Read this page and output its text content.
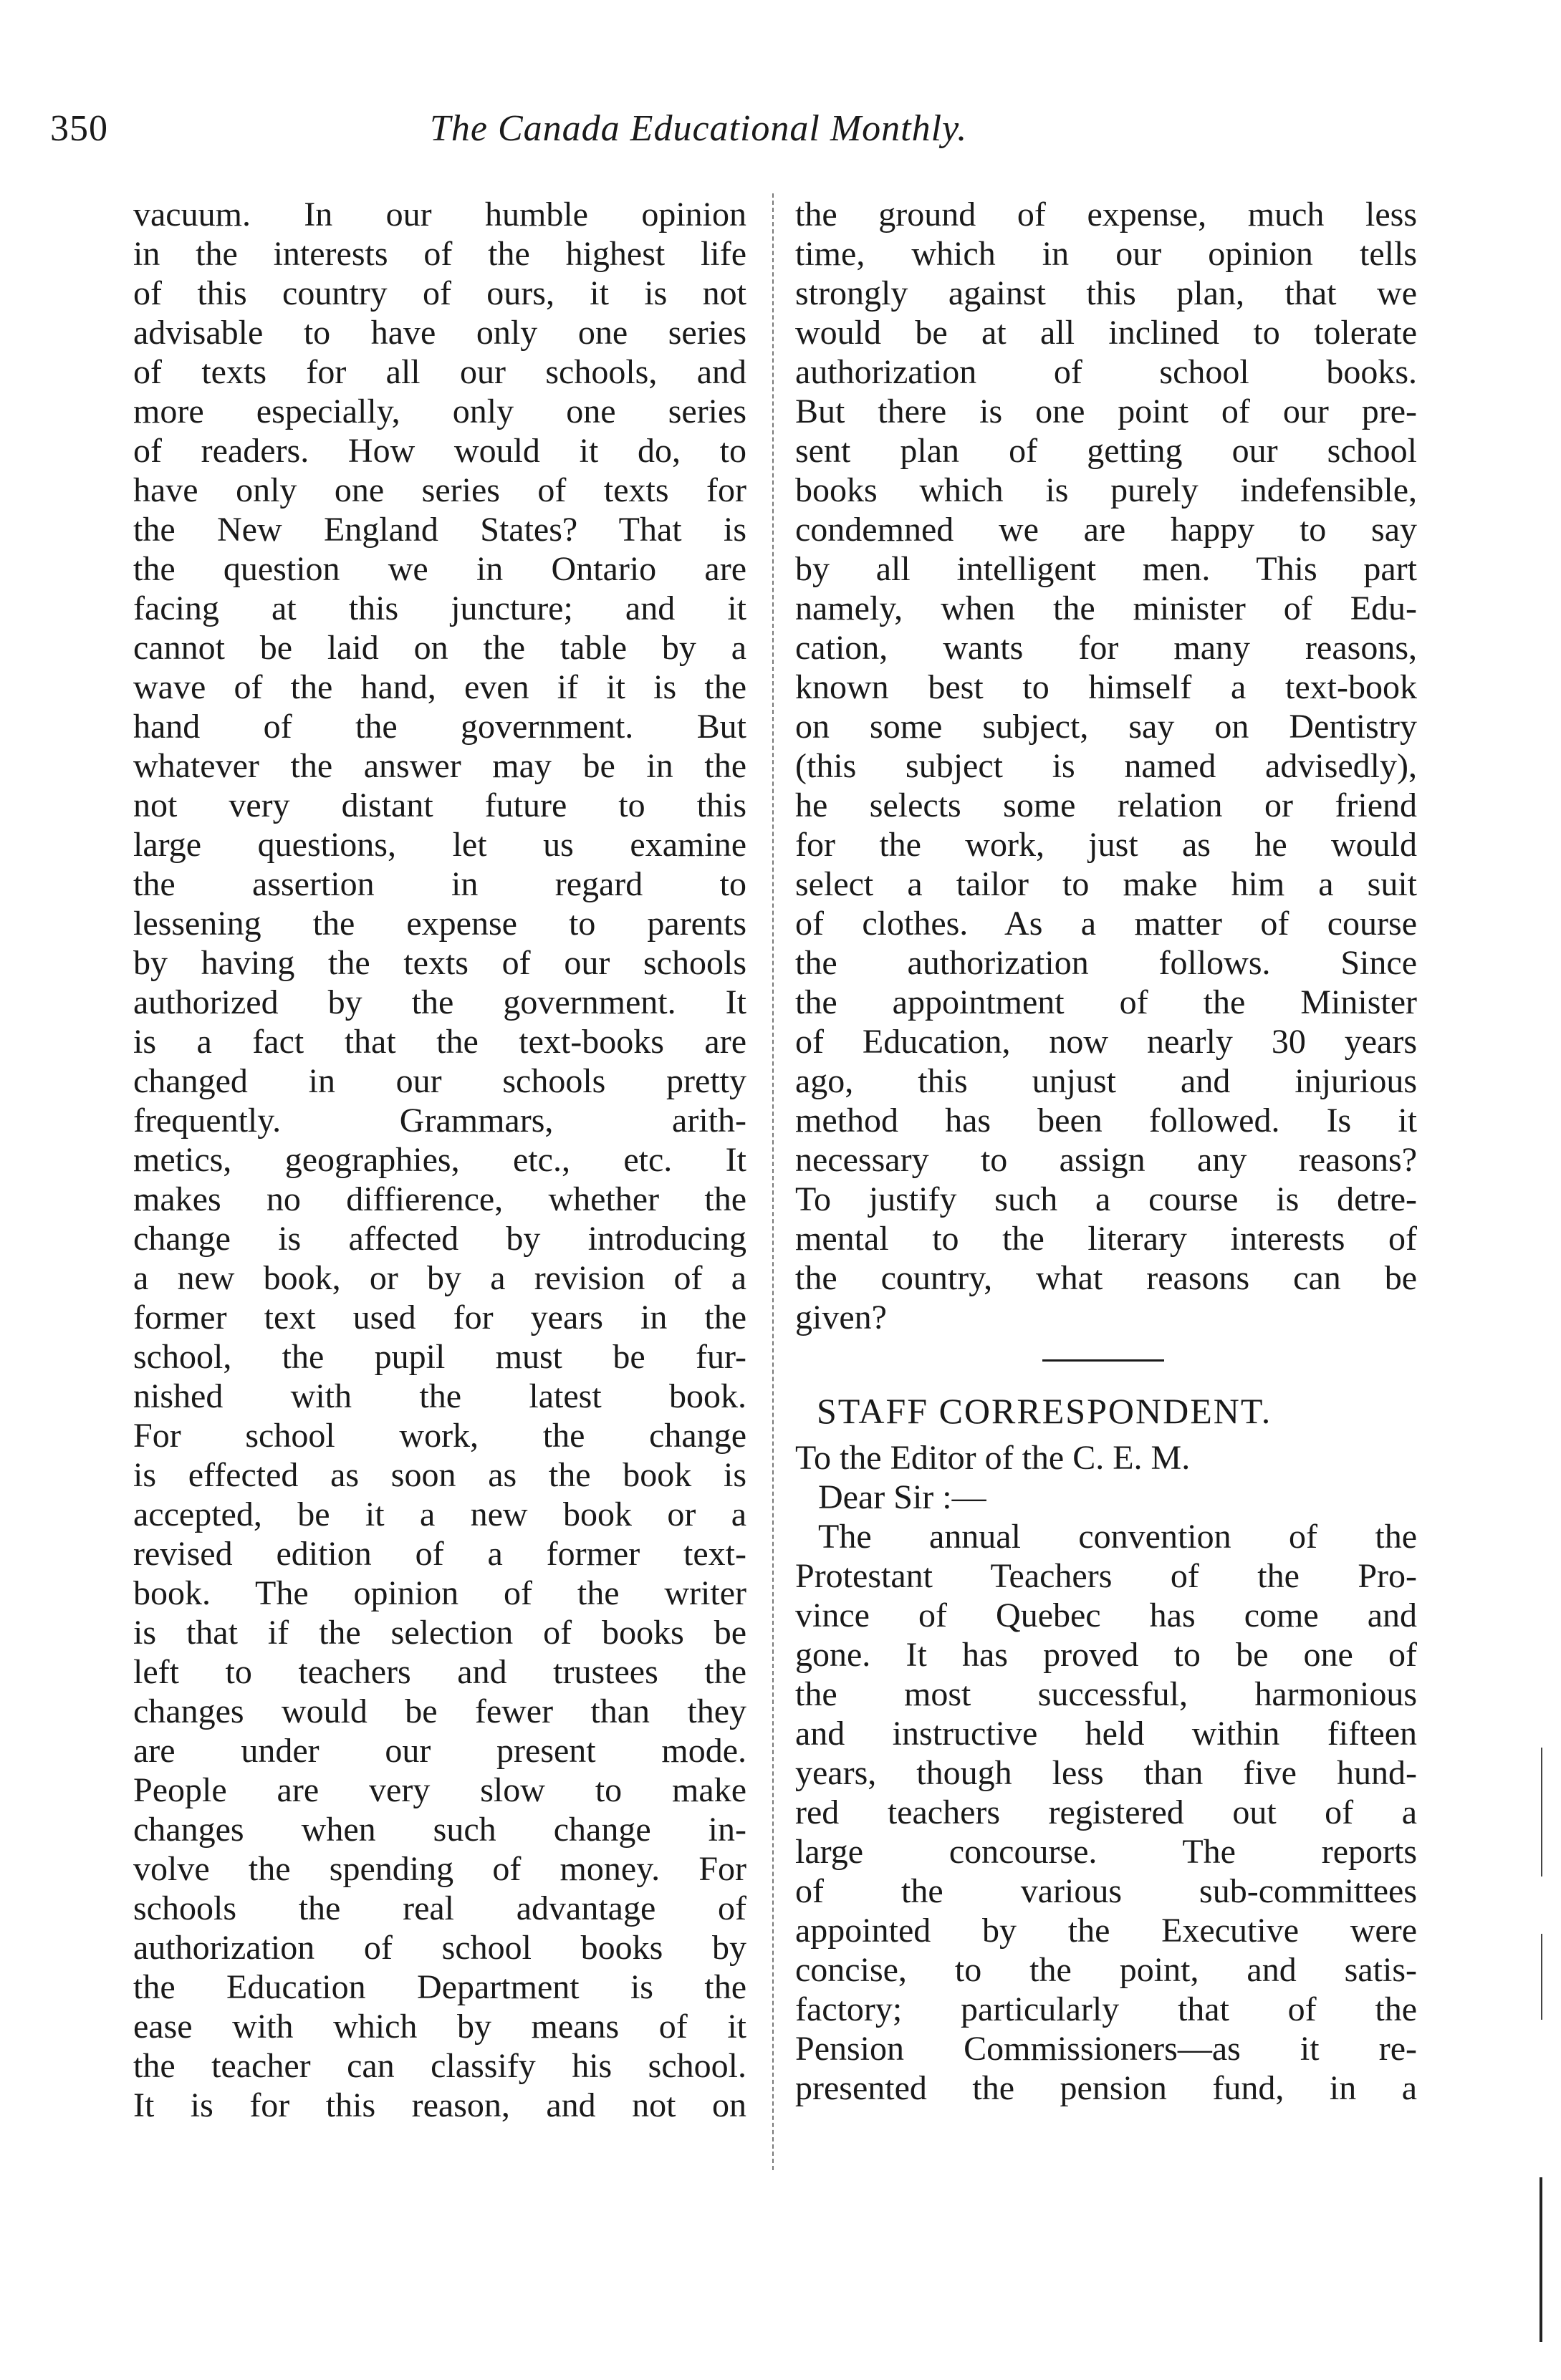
350	The Canada Educational Monthly.
vacuum. In our humble opinion
in the interests of the highest life
of this country of ours, it is not
advisable to have only one series
of texts for all our schools, and
more especially, only one series
of readers. How would it do, to
have only one series of texts for
the New England States? That is
the question we in Ontario are
facing at this juncture; and it
cannot be laid on the table by a
wave of the hand, even if it is the
hand of the government. But
whatever the answer may be in the
not very distant future to this
large questions, let us examine
the assertion in regard to
lessening the expense to parents
by having the texts of our schools
authorized by the government. It
is a fact that the text-books are
changed in our schools pretty
frequently. Grammars, arith-
metics, geographies, etc., etc. It
makes no diffierence, whether the
change is affected by introducing
a new book, or by a revision of a
former text used for years in the
school, the pupil must be fur-
nished with the latest book.
For school work, the change
is effected as soon as the book is
accepted, be it a new book or a
revised edition of a former text-
book. The opinion of the writer
is that if the selection of books be
left to teachers and trustees the
changes would be fewer than they
are under our present mode.
People are very slow to make
changes when such change in-
volve the spending of money. For
schools the real advantage of
authorization of school books by
the Education Department is the
ease with which by means of it
the teacher can classify his school.
It is for this reason, and not on
the ground of expense, much less
time, which in our opinion tells
strongly against this plan, that we
would be at all inclined to tolerate
authorization of school books.
But there is one point of our pre-
sent plan of getting our school
books which is purely indefensible,
condemned we are happy to say
by all intelligent men. This part
namely, when the minister of Edu-
cation, wants for many reasons,
known best to himself a text-book
on some subject, say on Dentistry
(this subject is named advisedly),
he selects some relation or friend
for the work, just as he would
select a tailor to make him a suit
of clothes. As a matter of course
the authorization follows. Since
the appointment of the Minister
of Education, now nearly 30 years
ago, this unjust and injurious
method has been followed. Is it
necessary to assign any reasons?
To justify such a course is detre-
mental to the literary interests of
the country, what reasons can be
given?
STAFF CORRESPONDENT.
To the Editor of the C. E. M.
Dear Sir :—
The annual convention of the
Protestant Teachers of the Pro-
vince of Quebec has come and
gone. It has proved to be one of
the most successful, harmonious
and instructive held within fifteen
years, though less than five hund-
red teachers registered out of a
large concourse. The reports
of the various sub-committees
appointed by the Executive were
concise, to the point, and satis-
factory; particularly that of the
Pension Commissioners—as it re-
presented the pension fund, in a
